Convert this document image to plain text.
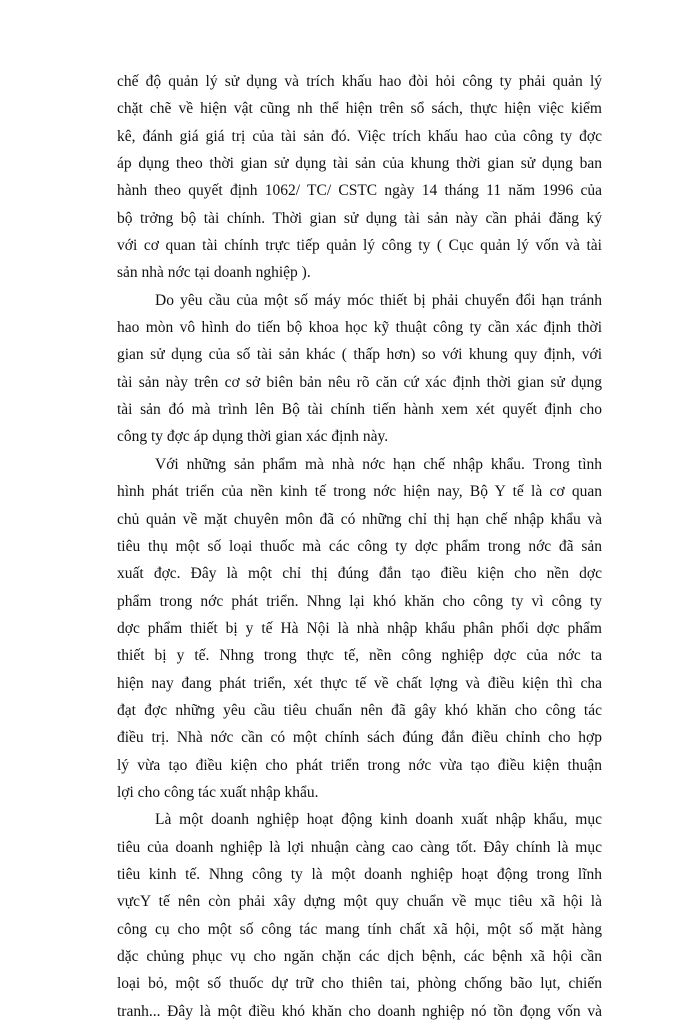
chế độ quản lý sử dụng và trích khấu hao đòi hỏi công ty phải quản lý
chặt chẽ về hiện vật cũng nh thể hiện trên sổ sách, thực hiện việc kiểm
kê, đánh giá giá trị của tài sản đó. Việc trích khấu hao của công ty đợc
áp dụng theo thời gian sử dụng tài sản của khung thời gian sử dụng ban
hành theo quyết định 1062/ TC/ CSTC ngày 14 tháng 11 năm 1996 của
bộ trởng bộ tài chính. Thời gian sử dụng tài sản này cần phải đăng ký
với cơ quan tài chính trực tiếp quản lý công ty ( Cục quản lý vốn và tài
sản nhà nớc tại doanh nghiệp ).
Do yêu cầu của một số máy móc thiết bị phải chuyển đổi hạn tránh
hao mòn vô hình do tiến bộ khoa học kỹ thuật công ty cần xác định thời
gian sử dụng của số tài sản khác ( thấp hơn) so với khung quy định, với
tài sản này trên cơ sở biên bản nêu rõ căn cứ xác định thời gian sử dụng
tài sản đó mà trình lên Bộ tài chính tiến hành xem xét quyết định cho
công ty đợc áp dụng thời gian xác định này.
Với những sản phẩm mà nhà nớc hạn chế nhập khẩu. Trong tình
hình phát triển của nền kinh tế trong nớc hiện nay, Bộ Y tế là cơ quan
chủ quản về mặt chuyên môn đã có những chỉ thị hạn chế nhập khẩu và
tiêu thụ một số loại thuốc mà các công ty dợc phẩm trong nớc đã sản
xuất đợc. Đây là một chỉ thị đúng đắn tạo điều kiện cho nền dợc
phẩm trong nớc phát triển. Nhng lại khó khăn cho công ty vì công ty
dợc phẩm thiết bị y tế Hà Nội là nhà nhập khẩu phân phối dợc phẩm
thiết bị y tế. Nhng trong thực tế, nền công nghiệp dợc của nớc ta
hiện nay đang phát triển, xét thực tế về chất lợng và điều kiện thì cha
đạt đợc những yêu cầu tiêu chuẩn nên đã gây khó khăn cho công tác
điều trị. Nhà nớc cần có một chính sách đúng đắn điều chỉnh cho hợp
lý vừa tạo điều kiện cho phát triển trong nớc vừa tạo điều kiện thuận
lợi cho công tác xuất nhập khẩu.
Là một doanh nghiệp hoạt động kinh doanh xuất nhập khẩu, mục
tiêu của doanh nghiệp là lợi nhuận càng cao càng tốt. Đây chính là mục
tiêu kinh tế. Nhng công ty là một doanh nghiệp hoạt động trong lĩnh
vựcY tế nên còn phải xây dựng một quy chuẩn về mục tiêu xã hội là
công cụ cho một số công tác mang tính chất xã hội, một số mặt hàng
dặc chủng phục vụ cho ngăn chặn các dịch bệnh, các bệnh xã hội cần
loại bỏ, một số thuốc dự trữ cho thiên tai, phòng chống bão lụt, chiến
tranh... Đây là một điều khó khăn cho doanh nghiệp nó tồn đọng vốn và
